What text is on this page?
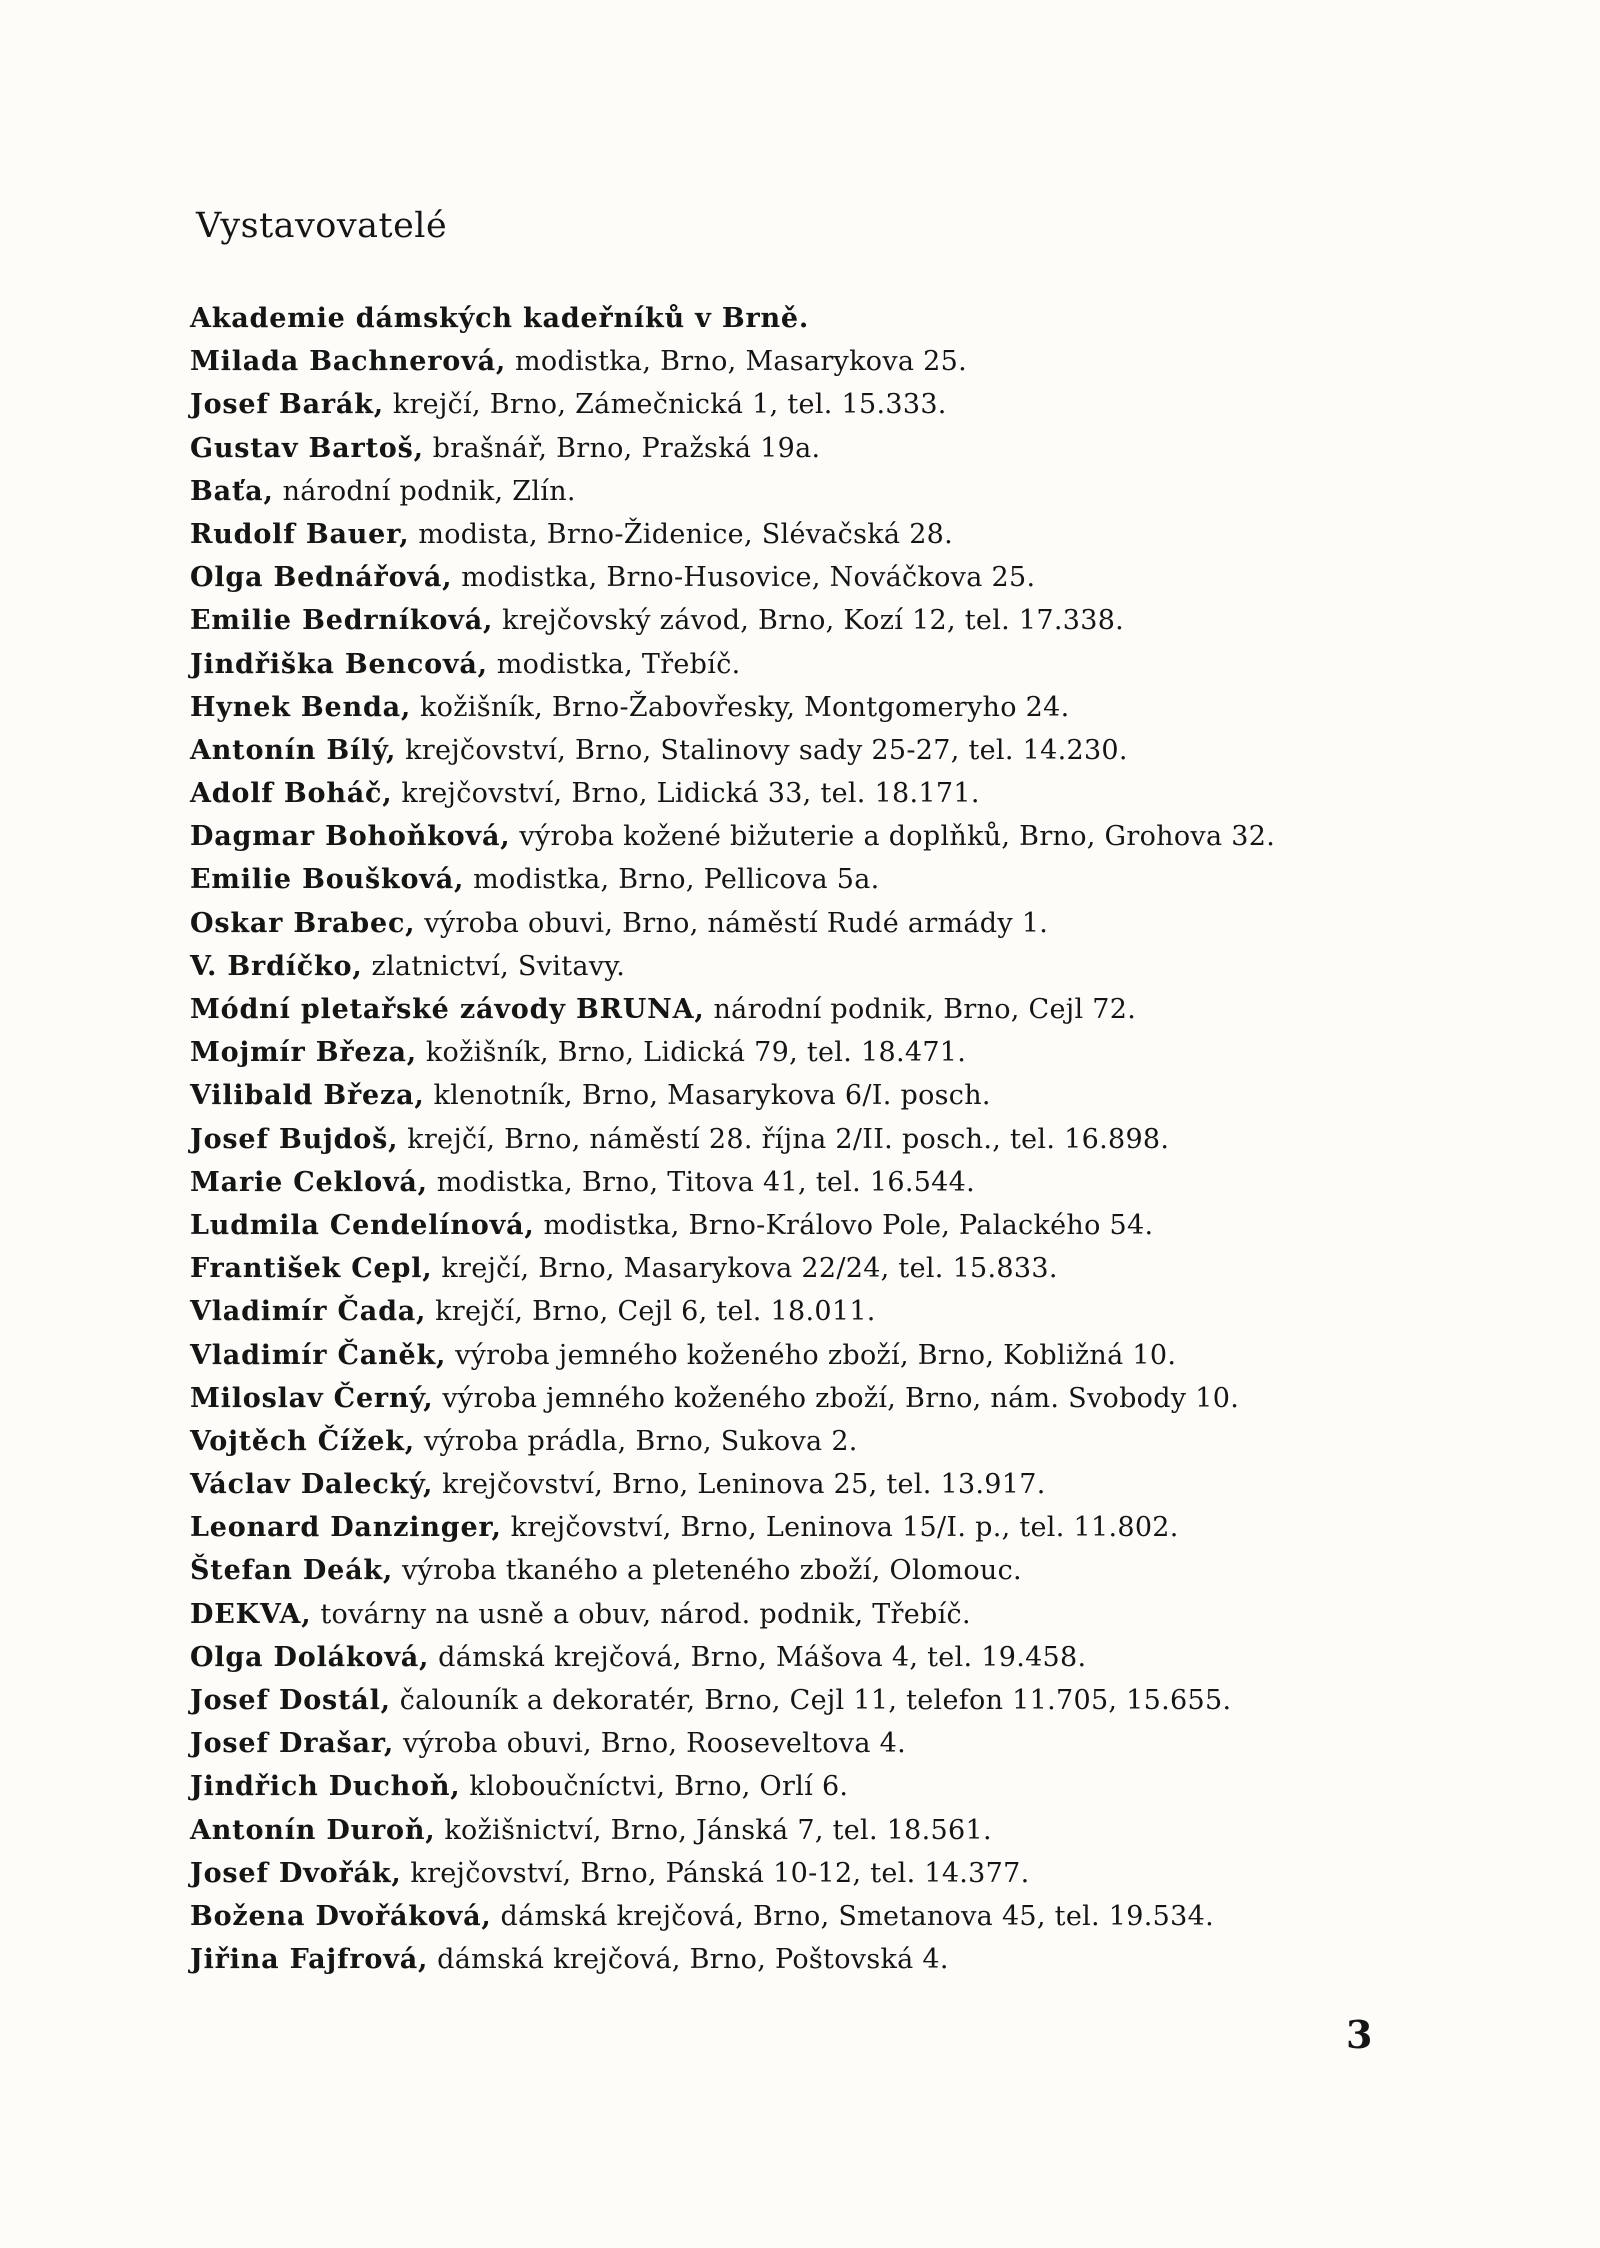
Vystavovatelé
Akademie dámských kadeřníků v Brně.
Milada Bachnerová, modistka, Brno, Masarykova 25.
Josef Barák, krejčí, Brno, Zámečnická 1, tel. 15.333.
Gustav Bartoš, brašnář, Brno, Pražská 19a.
Baťa, národní podnik, Zlín.
Rudolf Bauer, modista, Brno-Židenice, Slévačská 28.
Olga Bednářová, modistka, Brno-Husovice, Nováčkova 25.
Emilie Bedrníková, krejčovský závod, Brno, Kozí 12, tel. 17.338.
Jindřiška Bencová, modistka, Třebíč.
Hynek Benda, kožišník, Brno-Žabovřesky, Montgomeryho 24.
Antonín Bílý, krejčovství, Brno, Stalinovy sady 25-27, tel. 14.230.
Adolf Boháč, krejčovství, Brno, Lidická 33, tel. 18.171.
Dagmar Bohoňková, výroba kožené bižuterie a doplňků, Brno, Grohova 32.
Emilie Boušková, modistka, Brno, Pellicova 5a.
Oskar Brabec, výroba obuvi, Brno, náměstí Rudé armády 1.
V. Brdíčko, zlatnictví, Svitavy.
Módní pletařské závody BRUNA, národní podnik, Brno, Cejl 72.
Mojmír Březa, kožišník, Brno, Lidická 79, tel. 18.471.
Vilibald Březa, klenotník, Brno, Masarykova 6/I. posch.
Josef Bujdoš, krejčí, Brno, náměstí 28. října 2/II. posch., tel. 16.898.
Marie Ceklová, modistka, Brno, Titova 41, tel. 16.544.
Ludmila Cendelínová, modistka, Brno-Královo Pole, Palackého 54.
František Cepl, krejčí, Brno, Masarykova 22/24, tel. 15.833.
Vladimír Čada, krejčí, Brno, Cejl 6, tel. 18.011.
Vladimír Čaněk, výroba jemného koženého zboží, Brno, Kobližná 10.
Miloslav Černý, výroba jemného koženého zboží, Brno, nám. Svobody 10.
Vojtěch Čížek, výroba prádla, Brno, Sukova 2.
Václav Dalecký, krejčovství, Brno, Leninova 25, tel. 13.917.
Leonard Danzinger, krejčovství, Brno, Leninova 15/I. p., tel. 11.802.
Štefan Deák, výroba tkaného a pleteného zboží, Olomouc.
DEKVA, továrny na usně a obuv, národ. podnik, Třebíč.
Olga Doláková, dámská krejčová, Brno, Mášova 4, tel. 19.458.
Josef Dostál, čalouník a dekoratér, Brno, Cejl 11, telefon 11.705, 15.655.
Josef Drašar, výroba obuvi, Brno, Rooseveltova 4.
Jindřich Duchoň, kloboučníctvi, Brno, Orlí 6.
Antonín Duroň, kožišnictví, Brno, Jánská 7, tel. 18.561.
Josef Dvořák, krejčovství, Brno, Pánská 10-12, tel. 14.377.
Božena Dvořáková, dámská krejčová, Brno, Smetanova 45, tel. 19.534.
Jiřina Fajfrová, dámská krejčová, Brno, Poštovská 4.
3
